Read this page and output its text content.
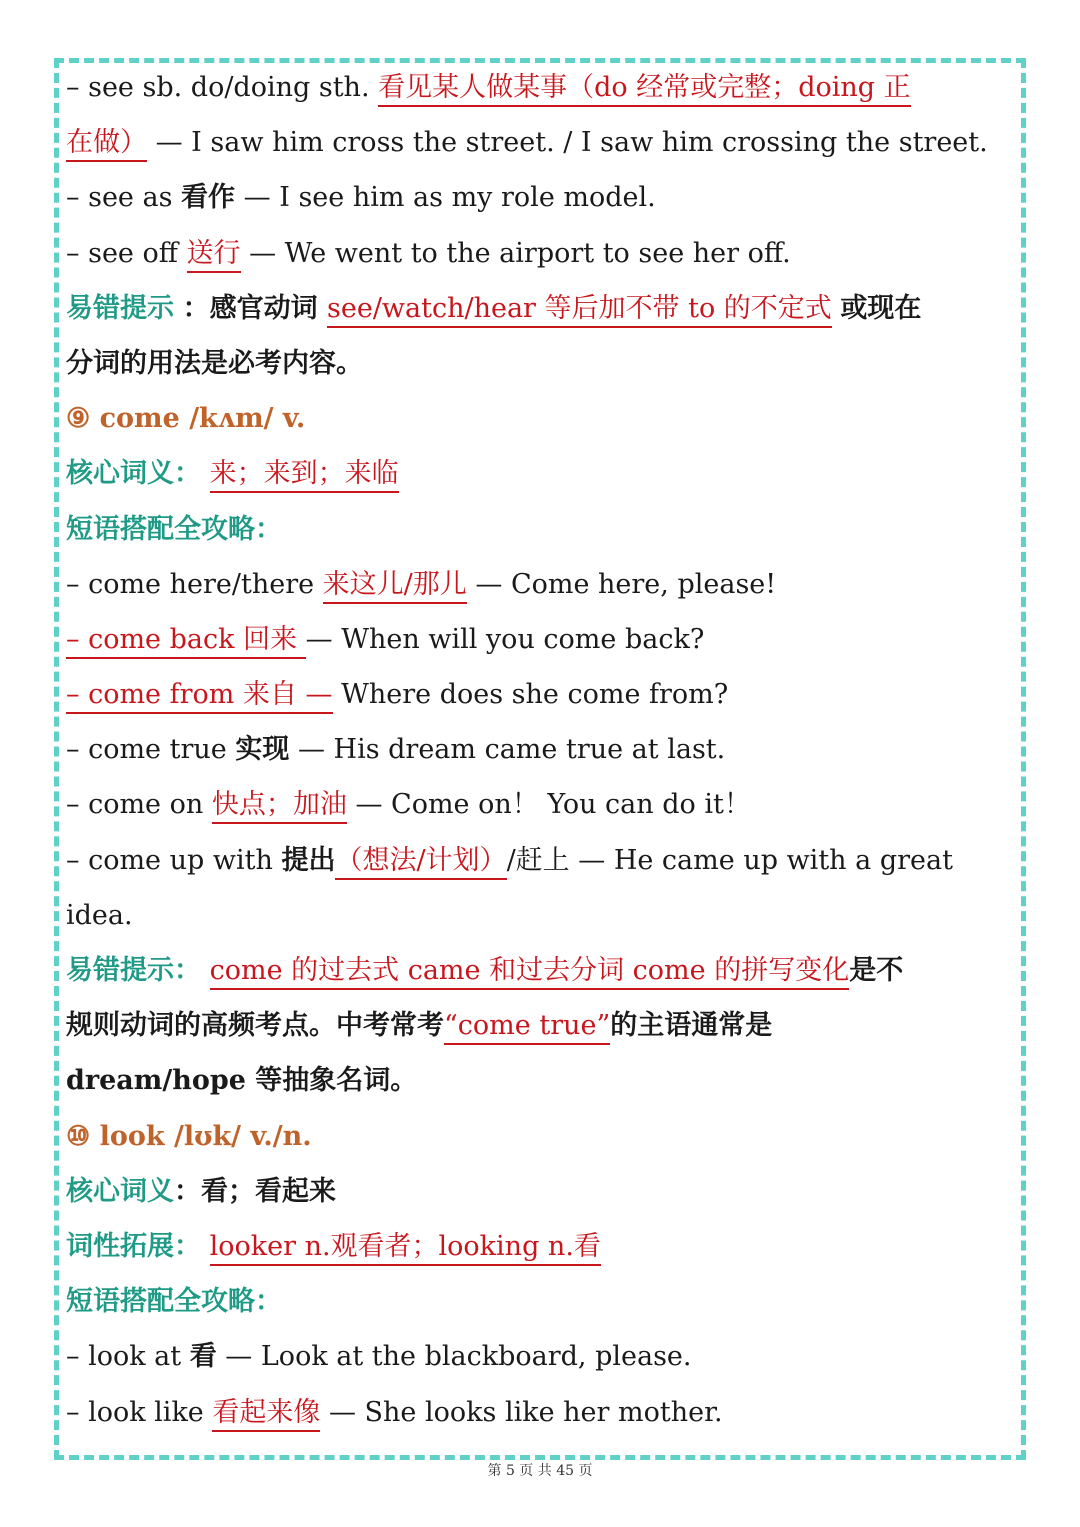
– see sb. do/doing sth. 看见某人做某事（do 经常或完整；doing 正
在做） — I saw him cross the street. / I saw him crossing the street.
– see as 看作 — I see him as my role model.
– see off 送行 — We went to the airport to see her off.
易错提示 ：感官动词 see/watch/hear 等后加不带 to 的不定式 或现在
分词的用法是必考内容。
⑨ come /kʌm/ v.
核心词义： 来；来到；来临
短语搭配全攻略：
– come here/there 来这儿/那儿 — Come here, please!
– come back 回来 — When will you come back?
– come from 来自 — Where does she come from?
– come true 实现 — His dream came true at last.
– come on 快点；加油 — Come on！ You can do it！
– come up with 提出（想法/计划）/赶上 — He came up with a great
idea.
易错提示： come 的过去式 came 和过去分词 come 的拼写变化是不
规则动词的高频考点。中考常考“come true”的主语通常是
dream/hope 等抽象名词。
⑩ look /lʊk/ v./n.
核心词义：看；看起来
词性拓展： looker n.观看者；looking n.看
短语搭配全攻略：
– look at 看 — Look at the blackboard, please.
– look like 看起来像 — She looks like her mother.
第 5 页 共 45 页
